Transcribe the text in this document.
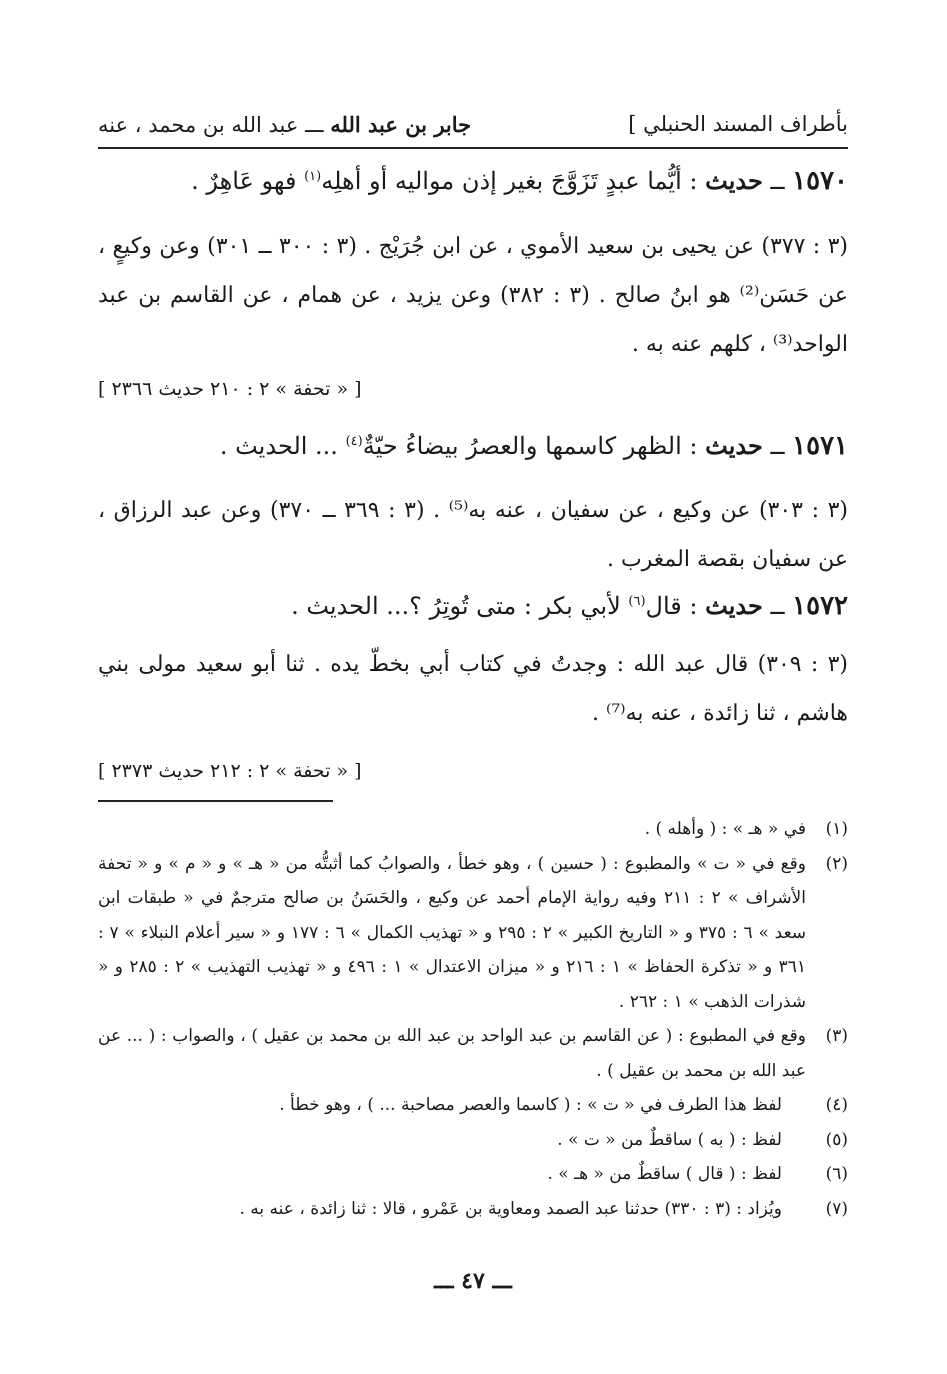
بأطراف المسند الحنبلي ]
جابر بن عبد الله ـــ عبد الله بن محمد ، عنه
١٥٧٠ ــ حديث : أيُّما عبدٍ تَزَوَّجَ بغير إذن مواليه أو أهلِه$^{(١)}$ فهو عَاهِرٌ .
(٣ : ٣٧٧) عن يحيى بن سعيد الأموي ، عن ابن جُرَيْج . (٣ : ٣٠٠ ــ ٣٠١) وعن وكيعٍ ، عن حَسَن⁽²⁾ هو ابنُ صالح . (٣ : ٣٨٢) وعن يزيد ، عن همام ، عن القاسم بن عبد الواحد⁽³⁾ ، كلهم عنه به .
[ « تحفة » ٢ : ٢١٠ حديث ٢٣٦٦ ]
١٥٧١ ــ حديث : الظهر كاسمها والعصرُ بيضاءُ حيّةٌ$^{(٤)}$ ... الحديث .
(٣ : ٣٠٣) عن وكيع ، عن سفيان ، عنه به⁽⁵⁾ . (٣ : ٣٦٩ ــ ٣٧٠) وعن عبد الرزاق ، عن سفيان بقصة المغرب .
١٥٧٢ ــ حديث : قال$^{(٦)}$ لأبي بكر : متى تُوتِرُ ؟... الحديث .
(٣ : ٣٠٩) قال عبد الله : وجدتُ في كتاب أبي بخطّ يده . ثنا أبو سعيد مولى بني هاشم ، ثنا زائدة ، عنه به⁽⁷⁾ .
[ « تحفة » ٢ : ٢١٢ حديث ٢٣٧٣ ]
(١)
في « هـ » : ( وأهله ) .
(٢)
وقع في « ت » والمطبوع : ( حسين ) ، وهو خطأ ، والصوابُ كما أثبتُّه من « هـ » و « م » و « تحفة الأشراف » ٢ : ٢١١ وفيه رواية الإمام أحمد عن وكيع ، والحَسَنُ بن صالح مترجمٌ في « طبقات ابن سعد » ٦ : ٣٧٥ و « التاريخ الكبير » ٢ : ٢٩٥ و « تهذيب الكمال » ٦ : ١٧٧ و « سير أعلام النبلاء » ٧ : ٣٦١ و « تذكرة الحفاظ » ١ : ٢١٦ و « ميزان الاعتدال » ١ : ٤٩٦ و « تهذيب التهذيب » ٢ : ٢٨٥ و « شذرات الذهب » ١ : ٢٦٢ .
(٣)
وقع في المطبوع : ( عن القاسم بن عبد الواحد بن عبد الله بن محمد بن عقيل ) ، والصواب : ( ... عن عبد الله بن محمد بن عقيل ) .
(٤)
لفظ هذا الطرف في « ت » : ( كاسما والعصر مصاحبة ... ) ، وهو خطأ .
(٥)
لفظ : ( به ) ساقطٌ من « ت » .
(٦)
لفظ : ( قال ) ساقطٌ من « هـ » .
(٧)
ويُزاد : (٣ : ٣٣٠) حدثنا عبد الصمد ومعاوية بن عَمْرو ، قالا : ثنا زائدة ، عنه به .
ـــ ٤٧ ـــ
